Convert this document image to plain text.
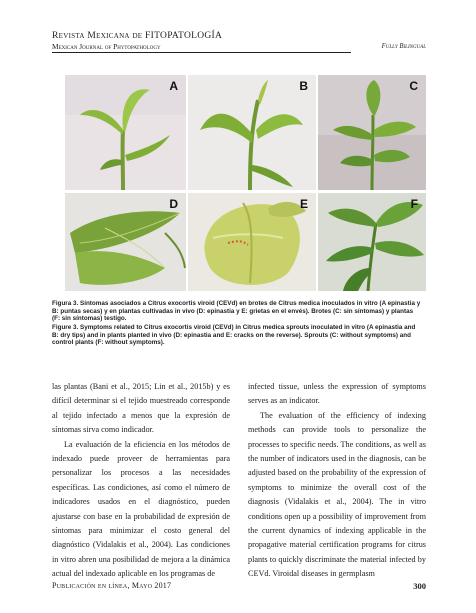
Revista Mexicana de FITOPATOLOGÍA
Mexican Journal of Phytopathology	Fully Bilingual
A	B	C
D	E	F
Figura 3. Síntomas asociados a Citrus exocortis viroid (CEVd) en brotes de Citrus medica inoculados in vitro (A epinastia y B: puntas secas) y en plantas cultivadas in vivo (D: epinastia y E: grietas en el envés). Brotes (C: sin síntomas) y plantas (F: sin síntomas) testigo.
Figure 3. Symptoms related to Citrus exocortis viroid (CEVd) in Citrus medica sprouts inoculated in vitro (A epinastia and B: dry tips) and in plants planted in vivo (D: epinastia and E: cracks on the reverse). Sprouts (C: without symptoms) and control plants (F: without symptoms).

las plantas (Bani et al., 2015; Lin et al., 2015b) y es difícil determinar si el tejido muestreado corresponde al tejido infectado a menos que la expresión de síntomas sirva como indicador.

La evaluación de la eficiencia en los métodos de indexado puede proveer de herramientas para personalizar los procesos a las necesidades específicas. Las condiciones, así como el número de indicadores usados en el diagnóstico, pueden ajustarse con base en la probabilidad de expresión de síntomas para minimizar el costo general del diagnóstico (Vidalakis et al., 2004). Las condiciones in vitro abren una posibilidad de mejora a la dinámica actual del indexado aplicable en los programas de

infected tissue, unless the expression of symptoms serves as an indicator.

The evaluation of the efficiency of indexing methods can provide tools to personalize the processes to specific needs. The conditions, as well as the number of indicators used in the diagnosis, can be adjusted based on the probability of the expression of symptoms to minimize the overall cost of the diagnosis (Vidalakis et al., 2004). The in vitro conditions open up a possibility of improvement from the current dynamics of indexing applicable in the propagative material certification programs for citrus plants to quickly discriminate the material infected by CEVd. Viroidal diseases in germplasm

Publicación en línea, Mayo 2017	300
